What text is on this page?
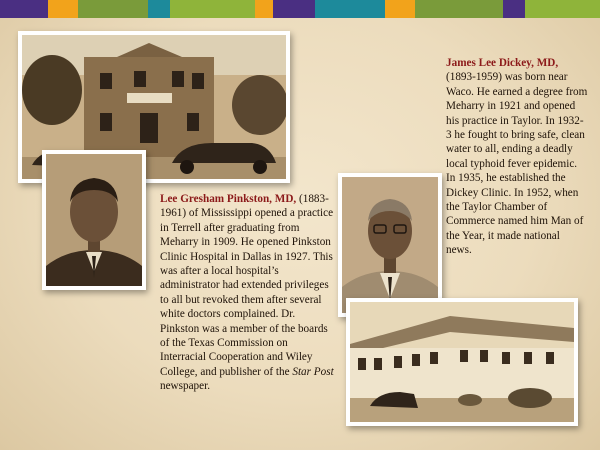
Lee Gresham Pinkston, MD, (1883-1961) of Mississippi opened a practice in Terrell after graduating from Meharry in 1909. He opened Pinkston Clinic Hospital in Dallas in 1927. This was after a local hospital’s administrator had extended privileges to all but revoked them after several white doctors complained. Dr. Pinkston was a member of the boards of the Texas Commission on Interracial Cooperation and Wiley College, and publisher of the Star Post newspaper.
James Lee Dickey, MD, (1893-1959) was born near Waco. He earned a degree from Meharry in 1921 and opened his practice in Taylor. In 1932-3 he fought to bring safe, clean water to all, ending a deadly local typhoid fever epidemic. In 1935, he established the Dickey Clinic. In 1952, when the Taylor Chamber of Commerce named him Man of the Year, it made national news.
